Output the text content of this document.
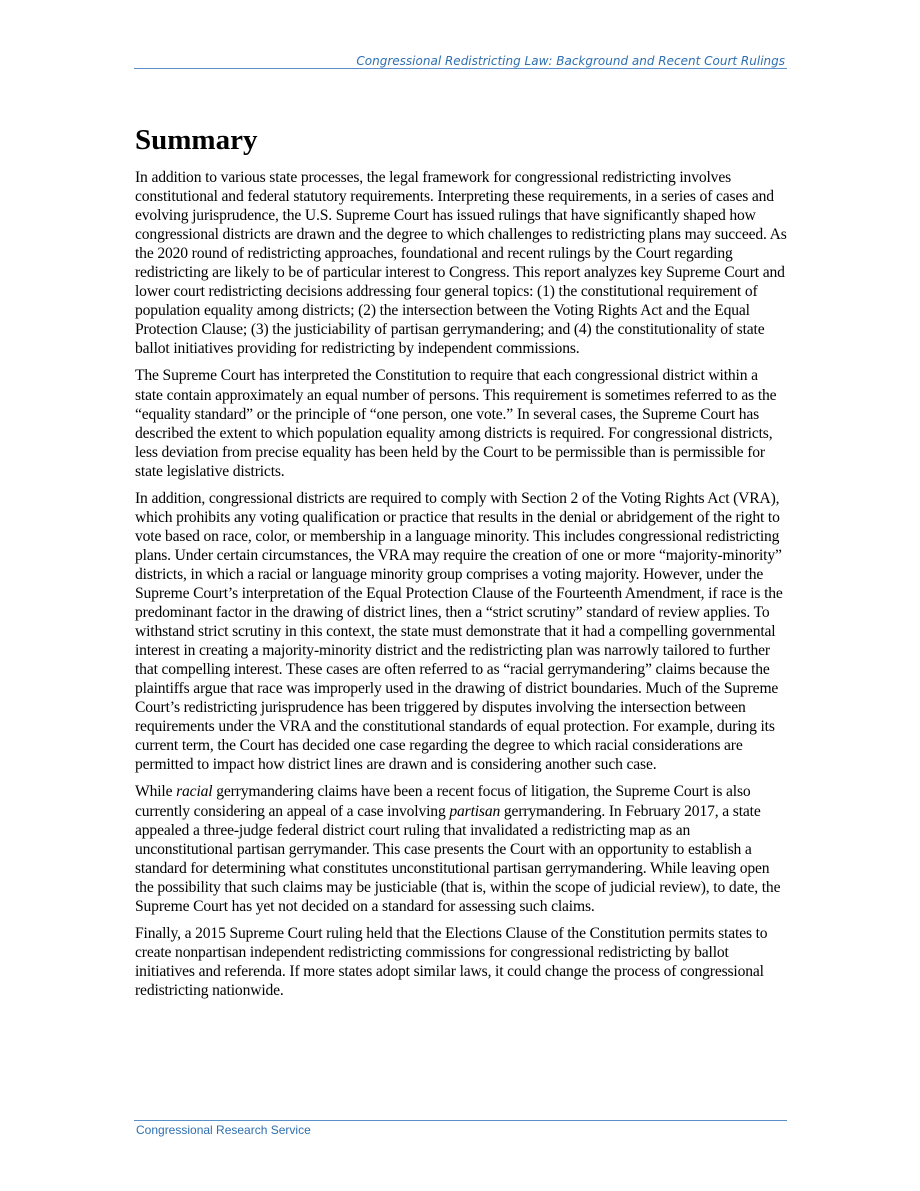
Congressional Redistricting Law: Background and Recent Court Rulings
Summary

In addition to various state processes, the legal framework for congressional redistricting involves constitutional and federal statutory requirements. Interpreting these requirements, in a series of cases and evolving jurisprudence, the U.S. Supreme Court has issued rulings that have significantly shaped how congressional districts are drawn and the degree to which challenges to redistricting plans may succeed. As the 2020 round of redistricting approaches, foundational and recent rulings by the Court regarding redistricting are likely to be of particular interest to Congress. This report analyzes key Supreme Court and lower court redistricting decisions addressing four general topics: (1) the constitutional requirement of population equality among districts; (2) the intersection between the Voting Rights Act and the Equal Protection Clause; (3) the justiciability of partisan gerrymandering; and (4) the constitutionality of state ballot initiatives providing for redistricting by independent commissions.

The Supreme Court has interpreted the Constitution to require that each congressional district within a state contain approximately an equal number of persons. This requirement is sometimes referred to as the “equality standard” or the principle of “one person, one vote.” In several cases, the Supreme Court has described the extent to which population equality among districts is required. For congressional districts, less deviation from precise equality has been held by the Court to be permissible than is permissible for state legislative districts.

In addition, congressional districts are required to comply with Section 2 of the Voting Rights Act (VRA), which prohibits any voting qualification or practice that results in the denial or abridgement of the right to vote based on race, color, or membership in a language minority. This includes congressional redistricting plans. Under certain circumstances, the VRA may require the creation of one or more “majority-minority” districts, in which a racial or language minority group comprises a voting majority. However, under the Supreme Court’s interpretation of the Equal Protection Clause of the Fourteenth Amendment, if race is the predominant factor in the drawing of district lines, then a “strict scrutiny” standard of review applies. To withstand strict scrutiny in this context, the state must demonstrate that it had a compelling governmental interest in creating a majority-minority district and the redistricting plan was narrowly tailored to further that compelling interest. These cases are often referred to as “racial gerrymandering” claims because the plaintiffs argue that race was improperly used in the drawing of district boundaries. Much of the Supreme Court’s redistricting jurisprudence has been triggered by disputes involving the intersection between requirements under the VRA and the constitutional standards of equal protection. For example, during its current term, the Court has decided one case regarding the degree to which racial considerations are permitted to impact how district lines are drawn and is considering another such case.

While racial gerrymandering claims have been a recent focus of litigation, the Supreme Court is also currently considering an appeal of a case involving partisan gerrymandering. In February 2017, a state appealed a three-judge federal district court ruling that invalidated a redistricting map as an unconstitutional partisan gerrymander. This case presents the Court with an opportunity to establish a standard for determining what constitutes unconstitutional partisan gerrymandering. While leaving open the possibility that such claims may be justiciable (that is, within the scope of judicial review), to date, the Supreme Court has yet not decided on a standard for assessing such claims.

Finally, a 2015 Supreme Court ruling held that the Elections Clause of the Constitution permits states to create nonpartisan independent redistricting commissions for congressional redistricting by ballot initiatives and referenda. If more states adopt similar laws, it could change the process of congressional redistricting nationwide.

Congressional Research Service
